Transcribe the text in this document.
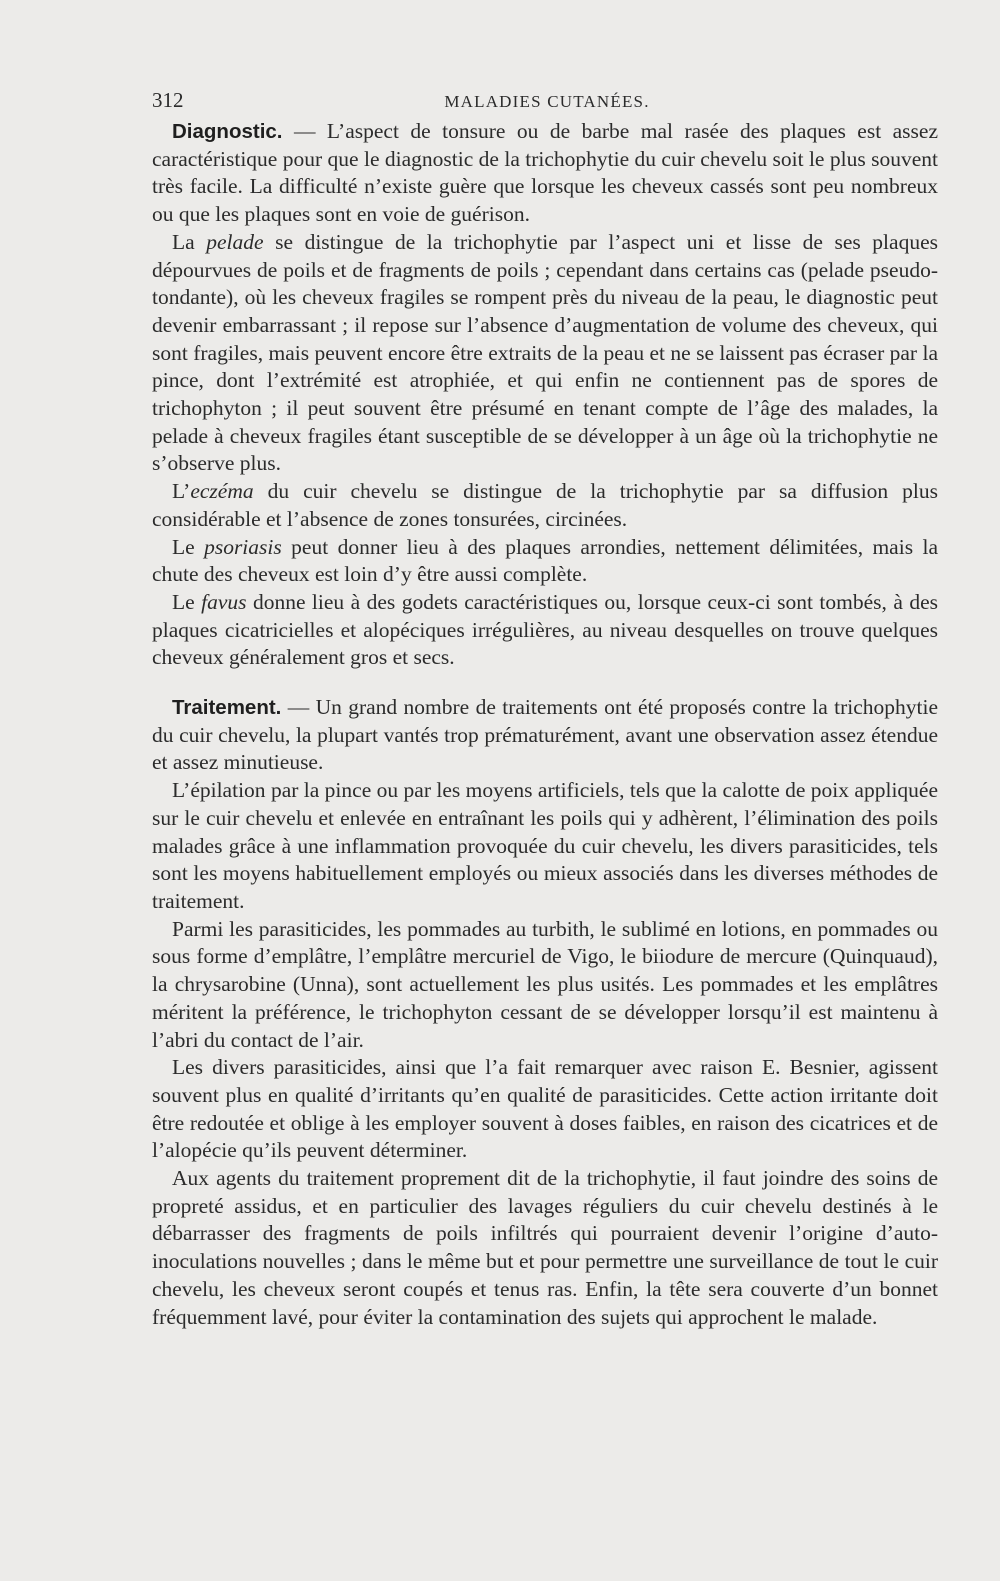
312	MALADIES CUTANÉES.

Diagnostic. — L’aspect de tonsure ou de barbe mal rasée des plaques est assez caractéristique pour que le diagnostic de la trichophytie du cuir chevelu soit le plus souvent très facile. La difficulté n’existe guère que lorsque les cheveux cassés sont peu nombreux ou que les plaques sont en voie de guérison.

La pelade se distingue de la trichophytie par l’aspect uni et lisse de ses plaques dépourvues de poils et de fragments de poils ; cependant dans certains cas (pelade pseudo-tondante), où les cheveux fragiles se rompent près du niveau de la peau, le diagnostic peut devenir embarrassant ; il repose sur l’absence d’augmentation de volume des cheveux, qui sont fragiles, mais peuvent encore être extraits de la peau et ne se laissent pas écraser par la pince, dont l’extrémité est atrophiée, et qui enfin ne contiennent pas de spores de trichophyton ; il peut souvent être présumé en tenant compte de l’âge des malades, la pelade à cheveux fragiles étant susceptible de se développer à un âge où la trichophytie ne s’observe plus.

L’eczéma du cuir chevelu se distingue de la trichophytie par sa diffusion plus considérable et l’absence de zones tonsurées, circinées.

Le psoriasis peut donner lieu à des plaques arrondies, nettement délimitées, mais la chute des cheveux est loin d’y être aussi complète.

Le favus donne lieu à des godets caractéristiques ou, lorsque ceux-ci sont tombés, à des plaques cicatricielles et alopéciques irrégulières, au niveau desquelles on trouve quelques cheveux généralement gros et secs.

Traitement. — Un grand nombre de traitements ont été proposés contre la trichophytie du cuir chevelu, la plupart vantés trop prématurément, avant une observation assez étendue et assez minutieuse.

L’épilation par la pince ou par les moyens artificiels, tels que la calotte de poix appliquée sur le cuir chevelu et enlevée en entraînant les poils qui y adhèrent, l’élimination des poils malades grâce à une inflammation provoquée du cuir chevelu, les divers parasiticides, tels sont les moyens habituellement employés ou mieux associés dans les diverses méthodes de traitement.

Parmi les parasiticides, les pommades au turbith, le sublimé en lotions, en pommades ou sous forme d’emplâtre, l’emplâtre mercuriel de Vigo, le biiodure de mercure (Quinquaud), la chrysarobine (Unna), sont actuellement les plus usités. Les pommades et les emplâtres méritent la préférence, le trichophyton cessant de se développer lorsqu’il est maintenu à l’abri du contact de l’air.

Les divers parasiticides, ainsi que l’a fait remarquer avec raison E. Besnier, agissent souvent plus en qualité d’irritants qu’en qualité de parasiticides. Cette action irritante doit être redoutée et oblige à les employer souvent à doses faibles, en raison des cicatrices et de l’alopécie qu’ils peuvent déterminer.

Aux agents du traitement proprement dit de la trichophytie, il faut joindre des soins de propreté assidus, et en particulier des lavages réguliers du cuir chevelu destinés à le débarrasser des fragments de poils infiltrés qui pourraient devenir l’origine d’auto-inoculations nouvelles ; dans le même but et pour permettre une surveillance de tout le cuir chevelu, les cheveux seront coupés et tenus ras. Enfin, la tête sera couverte d’un bonnet fréquemment lavé, pour éviter la contamination des sujets qui approchent le malade.
